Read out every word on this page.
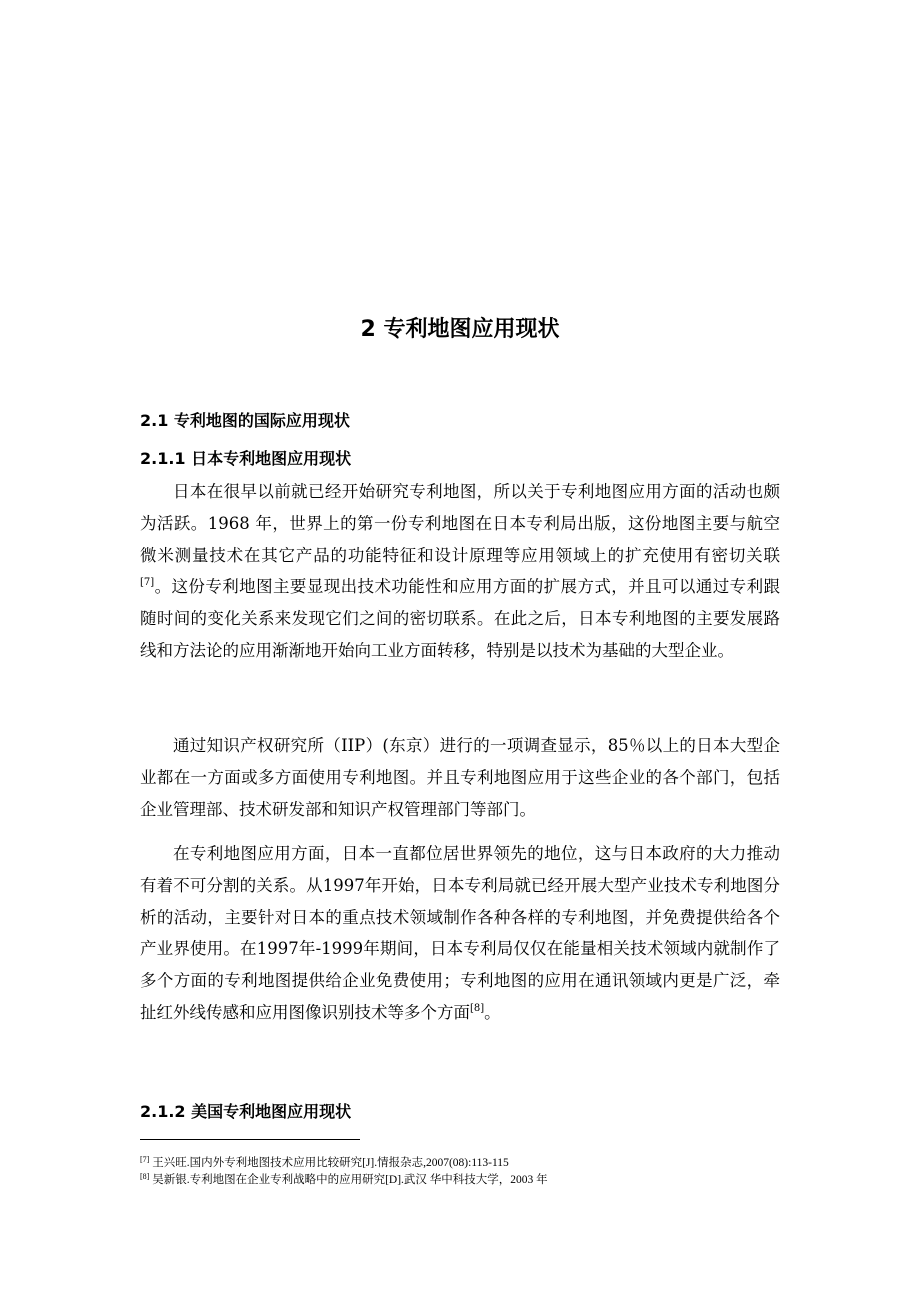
2 专利地图应用现状
2.1 专利地图的国际应用现状
2.1.1 日本专利地图应用现状
日本在很早以前就已经开始研究专利地图，所以关于专利地图应用方面的活动也颇为活跃。1968 年，世界上的第一份专利地图在日本专利局出版，这份地图主要与航空微米测量技术在其它产品的功能特征和设计原理等应用领域上的扩充使用有密切关联[7]。这份专利地图主要显现出技术功能性和应用方面的扩展方式，并且可以通过专利跟随时间的变化关系来发现它们之间的密切联系。在此之后，日本专利地图的主要发展路线和方法论的应用渐渐地开始向工业方面转移，特别是以技术为基础的大型企业。
通过知识产权研究所（IIP）(东京）进行的一项调查显示，85％以上的日本大型企业都在一方面或多方面使用专利地图。并且专利地图应用于这些企业的各个部门，包括企业管理部、技术研发部和知识产权管理部门等部门。
在专利地图应用方面，日本一直都位居世界领先的地位，这与日本政府的大力推动有着不可分割的关系。从1997年开始，日本专利局就已经开展大型产业技术专利地图分析的活动，主要针对日本的重点技术领域制作各种各样的专利地图，并免费提供给各个产业界使用。在1997年-1999年期间，日本专利局仅仅在能量相关技术领域内就制作了多个方面的专利地图提供给企业免费使用；专利地图的应用在通讯领域内更是广泛，牵扯红外线传感和应用图像识别技术等多个方面[8]。
2.1.2 美国专利地图应用现状
[7] 王兴旺.国内外专利地图技术应用比较研究[J].情报杂志,2007(08):113-115
[8] 吴新银.专利地图在企业专利战略中的应用研究[D].武汉 华中科技大学，2003 年
